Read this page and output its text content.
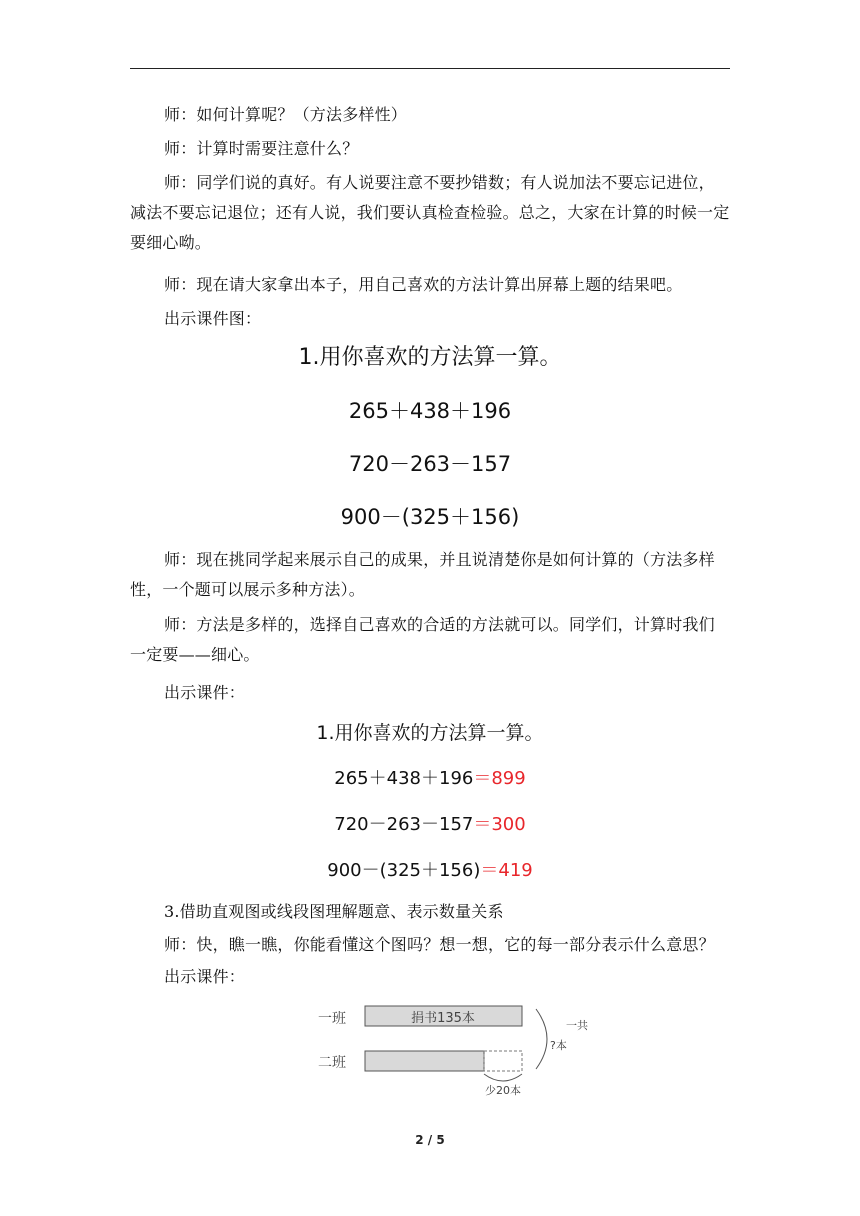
师：如何计算呢？（方法多样性）

师：计算时需要注意什么？

师：同学们说的真好。有人说要注意不要抄错数；有人说加法不要忘记进位，减法不要忘记退位；还有人说，我们要认真检查检验。总之，大家在计算的时候一定要细心呦。

师：现在请大家拿出本子，用自己喜欢的方法计算出屏幕上题的结果吧。

出示课件图：

1.用你喜欢的方法算一算。
265＋438＋196
720－263－157
900－(325＋156)

师：现在挑同学起来展示自己的成果，并且说清楚你是如何计算的（方法多样性，一个题可以展示多种方法）。

师：方法是多样的，选择自己喜欢的合适的方法就可以。同学们，计算时我们一定要——细心。

出示课件：

1.用你喜欢的方法算一算。
265＋438＋196＝899
720－263－157＝300
900－(325＋156)＝419

3.借助直观图或线段图理解题意、表示数量关系

师：快，瞧一瞧，你能看懂这个图吗？想一想，它的每一部分表示什么意思？

出示课件：

一班	捐书135本
二班
一共
?本
少20本
2 / 5
